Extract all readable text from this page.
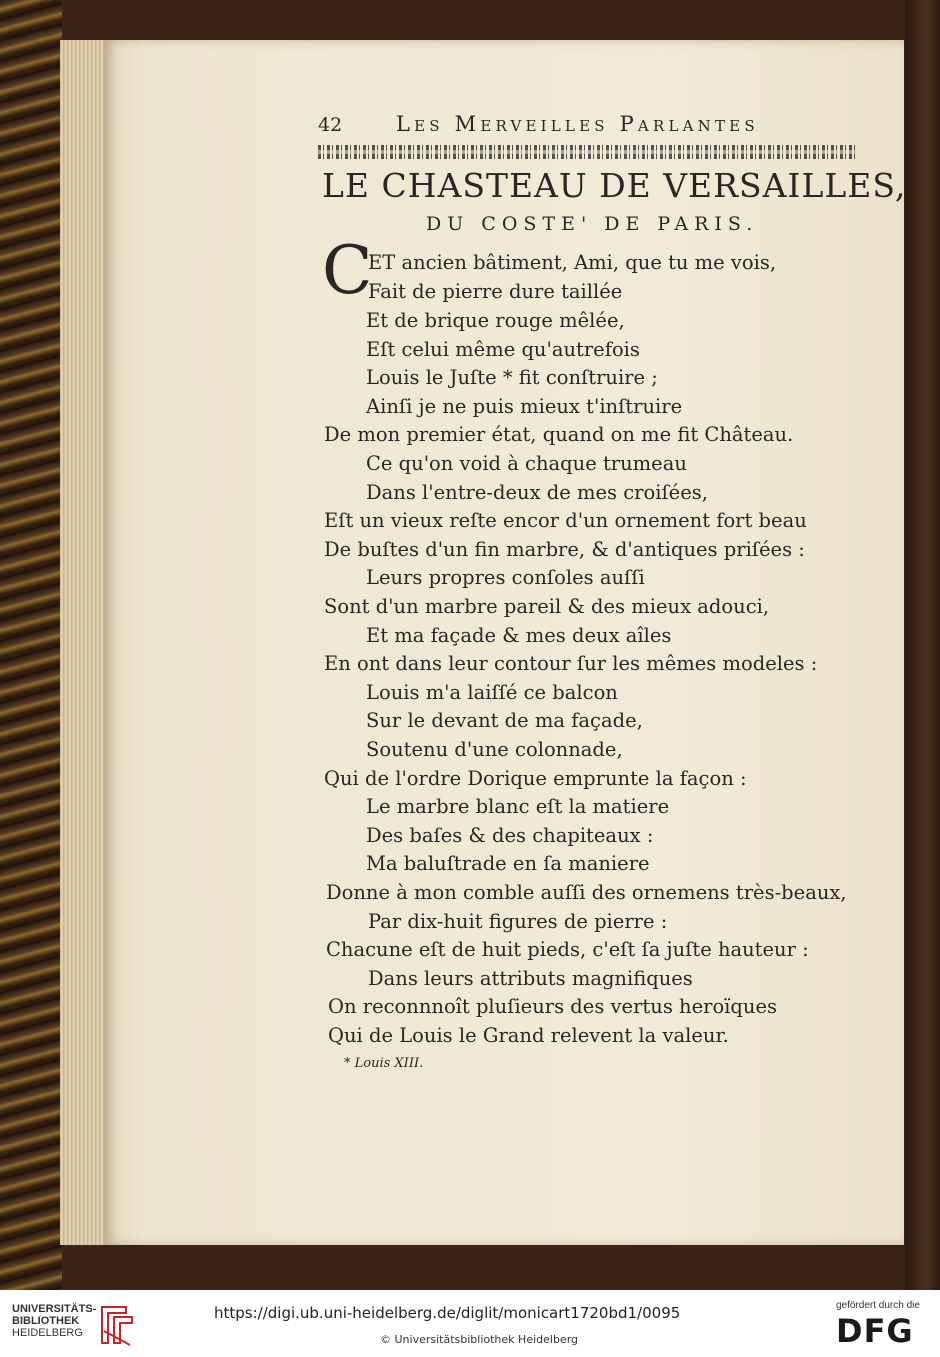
42	Les Merveilles Parlantes
LE CHASTEAU DE VERSAILLES,
DU COSTE' DE PARIS.
C
ET ancien bâtiment, Ami, que tu me vois,
Fait de pierre dure taillée
Et de brique rouge mêlée,
Eſt celui même qu'autrefois
Louis le Juſte * fit conſtruire ;
Ainſi je ne puis mieux t'inſtruire
De mon premier état, quand on me fit Château.
Ce qu'on void à chaque trumeau
Dans l'entre-deux de mes croiſées,
Eſt un vieux reſte encor d'un ornement fort beau
De buſtes d'un fin marbre, & d'antiques priſées :
Leurs propres conſoles auſſi
Sont d'un marbre pareil & des mieux adouci,
Et ma façade & mes deux aîles
En ont dans leur contour ſur les mêmes modeles :
Louis m'a laiſſé ce balcon
Sur le devant de ma façade,
Soutenu d'une colonnade,
Qui de l'ordre Dorique emprunte la façon :
Le marbre blanc eſt la matiere
Des baſes & des chapiteaux :
Ma baluſtrade en ſa maniere
Donne à mon comble auſſi des ornemens très-beaux,
Par dix-huit figures de pierre :
Chacune eſt de huit pieds, c'eſt ſa juſte hauteur :
Dans leurs attributs magnifiques
On reconnnoît pluſieurs des vertus heroïques
Qui de Louis le Grand relevent la valeur.
* Louis XIII.
UNIVERSITÄTS-
BIBLIOTHEK
HEIDELBERG
https://digi.ub.uni-heidelberg.de/diglit/monicart1720bd1/0095
© Universitätsbibliothek Heidelberg
gefördert durch die
DFG
